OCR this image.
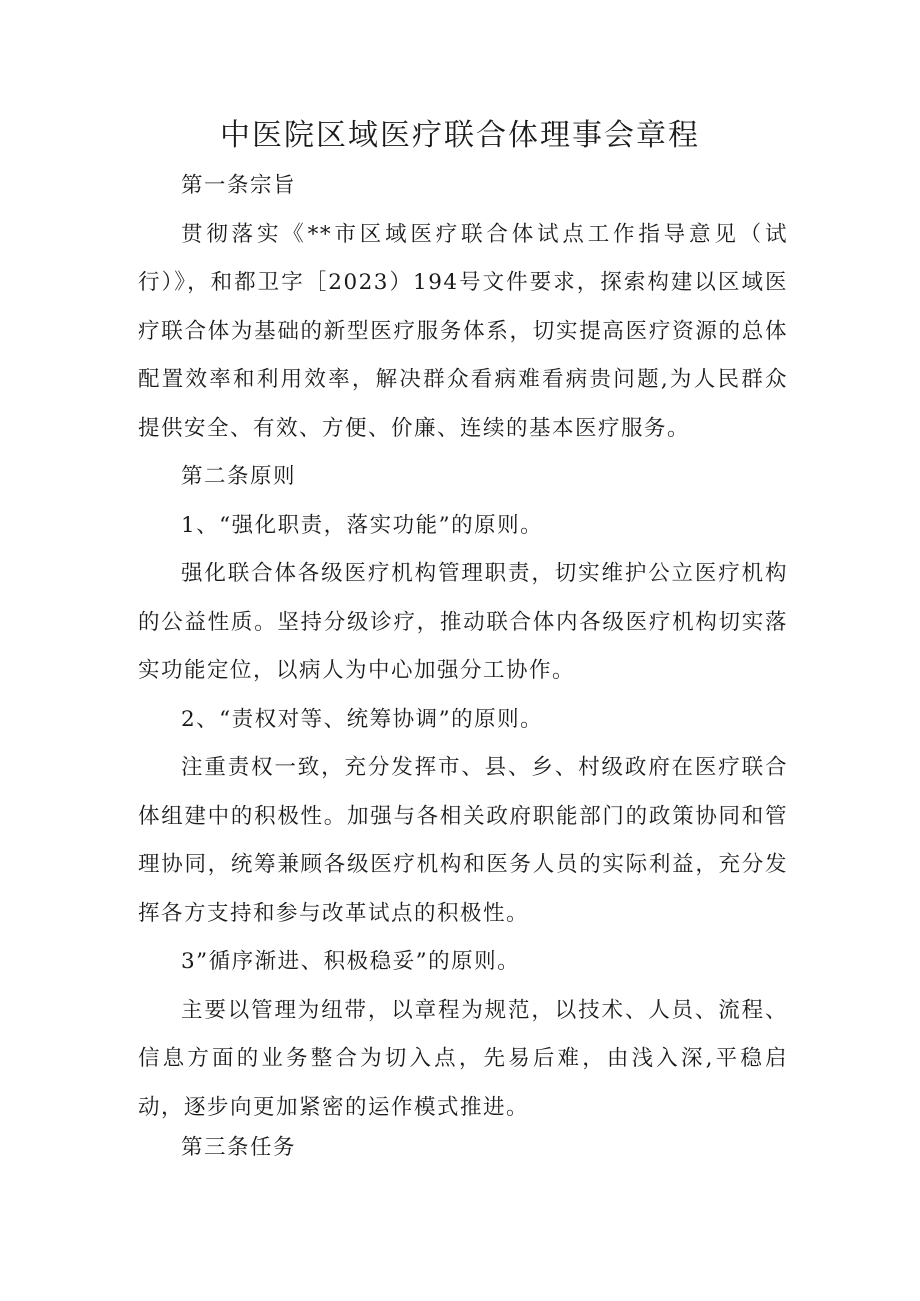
中医院区域医疗联合体理事会章程

第一条宗旨

贯彻落实《**市区域医疗联合体试点工作指导意见（试行）》，和都卫字［2023）194号文件要求，探索构建以区域医疗联合体为基础的新型医疗服务体系，切实提高医疗资源的总体配置效率和利用效率，解决群众看病难看病贵问题,为人民群众提供安全、有效、方便、价廉、连续的基本医疗服务。

第二条原则

1、“强化职责，落实功能”的原则。

强化联合体各级医疗机构管理职责，切实维护公立医疗机构的公益性质。坚持分级诊疗，推动联合体内各级医疗机构切实落实功能定位，以病人为中心加强分工协作。

2、“责权对等、统筹协调”的原则。

注重责权一致，充分发挥市、县、乡、村级政府在医疗联合体组建中的积极性。加强与各相关政府职能部门的政策协同和管理协同，统筹兼顾各级医疗机构和医务人员的实际利益，充分发挥各方支持和参与改革试点的积极性。

3”循序渐进、积极稳妥”的原则。

主要以管理为纽带，以章程为规范，以技术、人员、流程、信息方面的业务整合为切入点，先易后难，由浅入深,平稳启动，逐步向更加紧密的运作模式推进。

第三条任务
